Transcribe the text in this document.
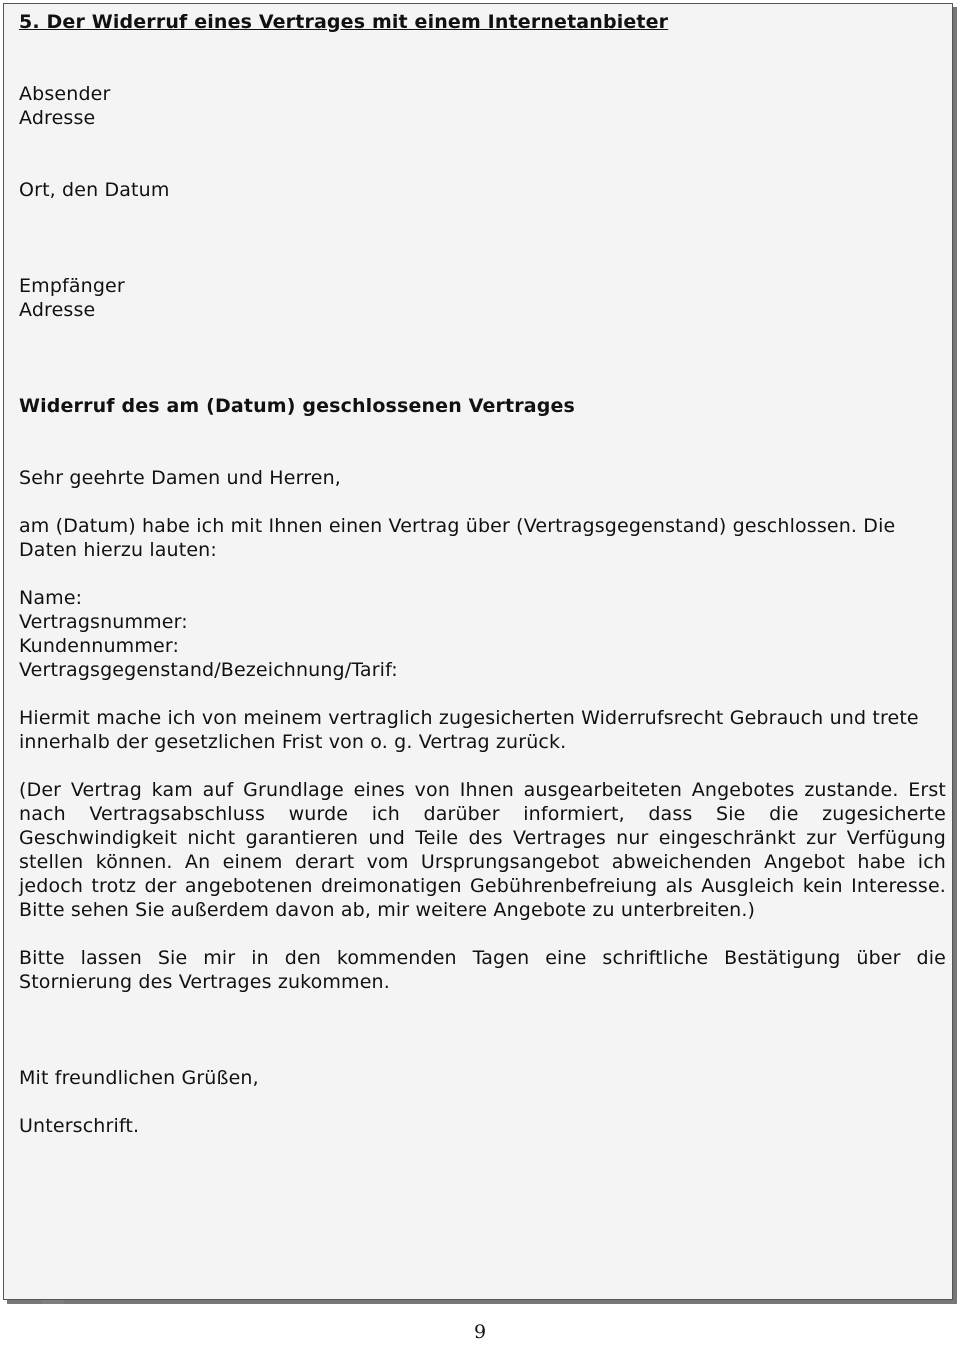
5. Der Widerruf eines Vertrages mit einem Internetanbieter

Absender
Adresse

Ort, den Datum

Empfänger
Adresse

Widerruf des am (Datum) geschlossenen Vertrages

Sehr geehrte Damen und Herren,

am (Datum) habe ich mit Ihnen einen Vertrag über (Vertragsgegenstand) geschlossen. Die
Daten hierzu lauten:

Name:
Vertragsnummer:
Kundennummer:
Vertragsgegenstand/Bezeichnung/Tarif:

Hiermit mache ich von meinem vertraglich zugesicherten Widerrufsrecht Gebrauch und trete
innerhalb der gesetzlichen Frist von o. g. Vertrag zurück.

(Der Vertrag kam auf Grundlage eines von Ihnen ausgearbeiteten Angebotes zustande. Erst nach Vertragsabschluss wurde ich darüber informiert, dass Sie die zugesicherte Geschwindigkeit nicht garantieren und Teile des Vertrages nur eingeschränkt zur Verfügung stellen können. An einem derart vom Ursprungsangebot abweichenden Angebot habe ich jedoch trotz der angebotenen dreimonatigen Gebührenbefreiung als Ausgleich kein Interesse. Bitte sehen Sie außerdem davon ab, mir weitere Angebote zu unterbreiten.)

Bitte lassen Sie mir in den kommenden Tagen eine schriftliche Bestätigung über die Stornierung des Vertrages zukommen.

Mit freundlichen Grüßen,

Unterschrift.

9
